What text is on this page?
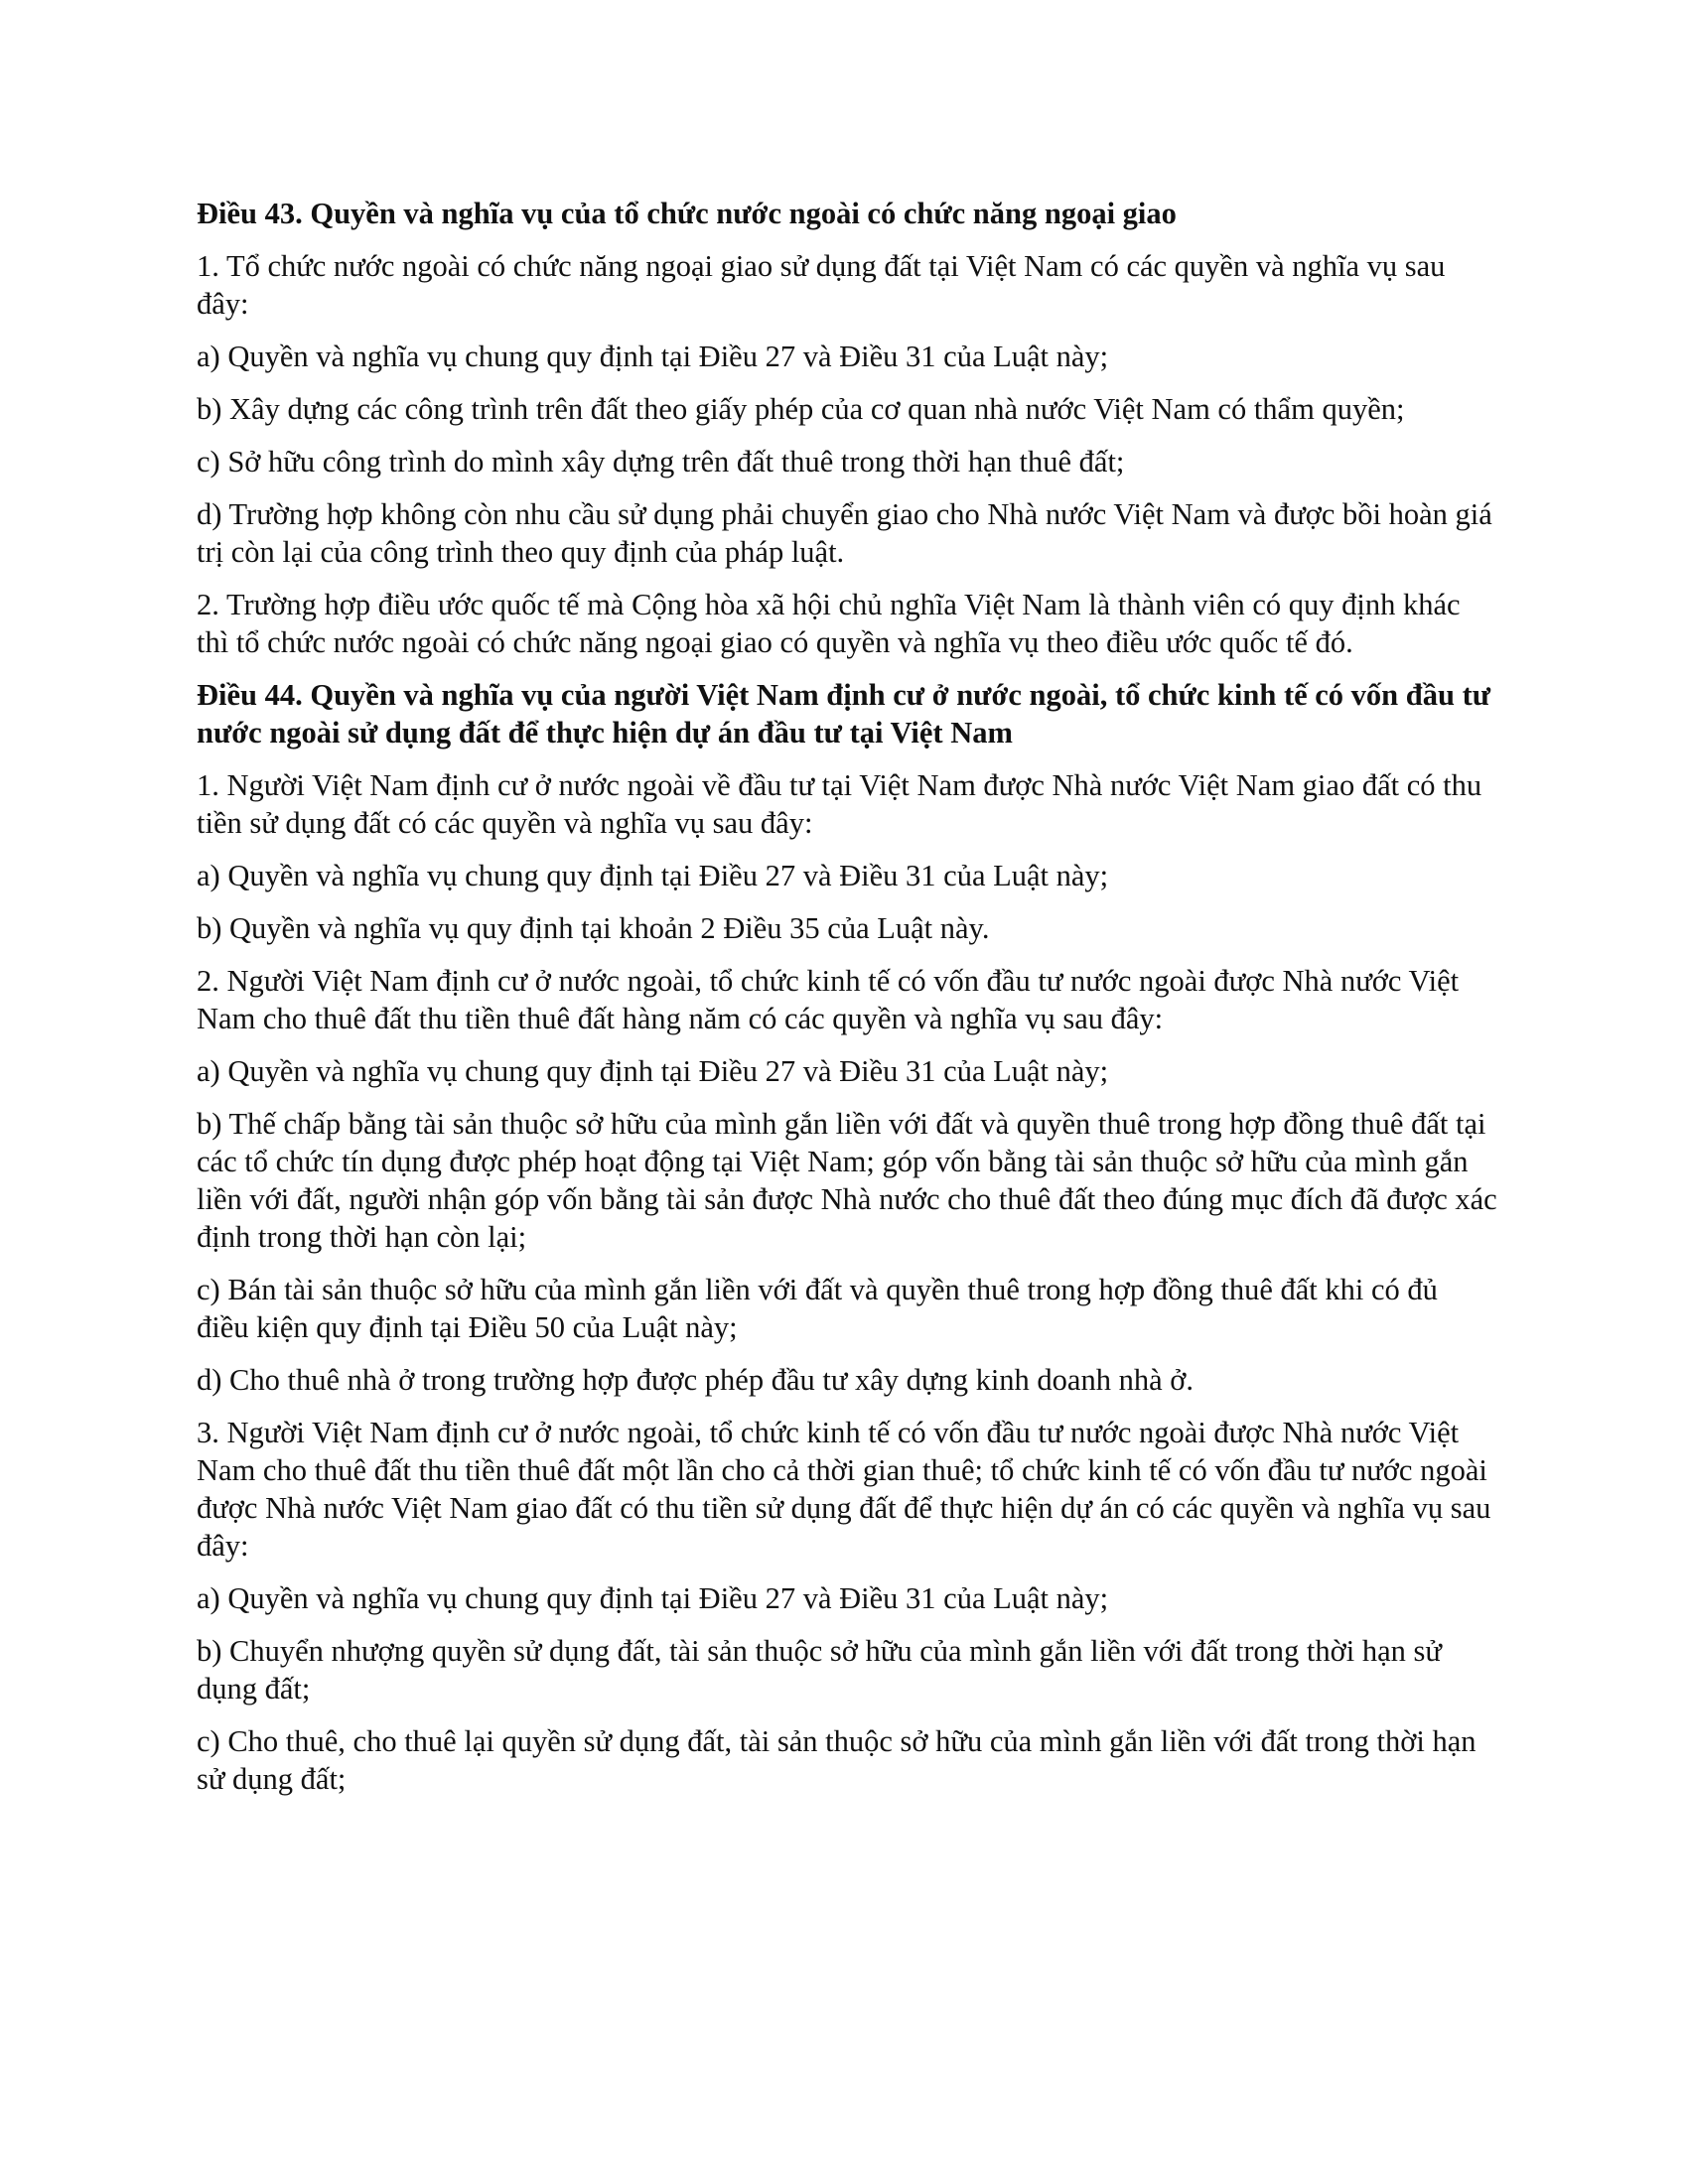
Điều 43. Quyền và nghĩa vụ của tổ chức nước ngoài có chức năng ngoại giao
1. Tổ chức nước ngoài có chức năng ngoại giao sử dụng đất tại Việt Nam có các quyền và nghĩa vụ sau đây:
a) Quyền và nghĩa vụ chung quy định tại Điều 27 và Điều 31 của Luật này;
b) Xây dựng các công trình trên đất theo giấy phép của cơ quan nhà nước Việt Nam có thẩm quyền;
c) Sở hữu công trình do mình xây dựng trên đất thuê trong thời hạn thuê đất;
d) Trường hợp không còn nhu cầu sử dụng phải chuyển giao cho Nhà nước Việt Nam và được bồi hoàn giá trị còn lại của công trình theo quy định của pháp luật.
2. Trường hợp điều ước quốc tế mà Cộng hòa xã hội chủ nghĩa Việt Nam là thành viên có quy định khác thì tổ chức nước ngoài có chức năng ngoại giao có quyền và nghĩa vụ theo điều ước quốc tế đó.
Điều 44. Quyền và nghĩa vụ của người Việt Nam định cư ở nước ngoài, tổ chức kinh tế có vốn đầu tư nước ngoài sử dụng đất để thực hiện dự án đầu tư tại Việt Nam
1. Người Việt Nam định cư ở nước ngoài về đầu tư tại Việt Nam được Nhà nước Việt Nam giao đất có thu tiền sử dụng đất có các quyền và nghĩa vụ sau đây:
a) Quyền và nghĩa vụ chung quy định tại Điều 27 và Điều 31 của Luật này;
b) Quyền và nghĩa vụ quy định tại khoản 2 Điều 35 của Luật này.
2. Người Việt Nam định cư ở nước ngoài, tổ chức kinh tế có vốn đầu tư nước ngoài được Nhà nước Việt Nam cho thuê đất thu tiền thuê đất hàng năm có các quyền và nghĩa vụ sau đây:
a) Quyền và nghĩa vụ chung quy định tại Điều 27 và Điều 31 của Luật này;
b) Thế chấp bằng tài sản thuộc sở hữu của mình gắn liền với đất và quyền thuê trong hợp đồng thuê đất tại các tổ chức tín dụng được phép hoạt động tại Việt Nam; góp vốn bằng tài sản thuộc sở hữu của mình gắn liền với đất, người nhận góp vốn bằng tài sản được Nhà nước cho thuê đất theo đúng mục đích đã được xác định trong thời hạn còn lại;
c) Bán tài sản thuộc sở hữu của mình gắn liền với đất và quyền thuê trong hợp đồng thuê đất khi có đủ điều kiện quy định tại Điều 50 của Luật này;
d) Cho thuê nhà ở trong trường hợp được phép đầu tư xây dựng kinh doanh nhà ở.
3. Người Việt Nam định cư ở nước ngoài, tổ chức kinh tế có vốn đầu tư nước ngoài được Nhà nước Việt Nam cho thuê đất thu tiền thuê đất một lần cho cả thời gian thuê; tổ chức kinh tế có vốn đầu tư nước ngoài được Nhà nước Việt Nam giao đất có thu tiền sử dụng đất để thực hiện dự án có các quyền và nghĩa vụ sau đây:
a) Quyền và nghĩa vụ chung quy định tại Điều 27 và Điều 31 của Luật này;
b) Chuyển nhượng quyền sử dụng đất, tài sản thuộc sở hữu của mình gắn liền với đất trong thời hạn sử dụng đất;
c) Cho thuê, cho thuê lại quyền sử dụng đất, tài sản thuộc sở hữu của mình gắn liền với đất trong thời hạn sử dụng đất;
